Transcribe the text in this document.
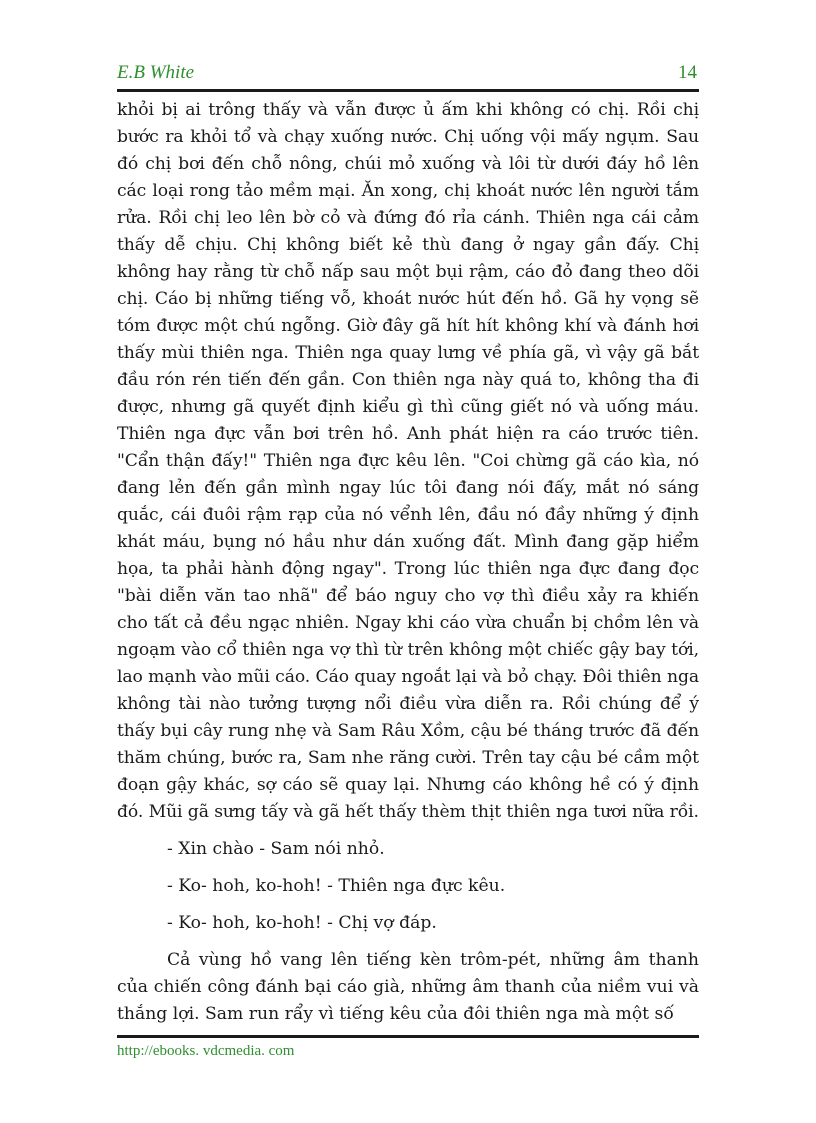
E.B White	14

khỏi bị ai trông thấy và vẫn được ủ ấm khi không có chị. Rồi chị bước ra khỏi tổ và chạy xuống nước. Chị uống vội mấy ngụm. Sau đó chị bơi đến chỗ nông, chúi mỏ xuống và lôi từ dưới đáy hồ lên các loại rong tảo mềm mại. Ăn xong, chị khoát nước lên người tắm rửa. Rồi chị leo lên bờ cỏ và đứng đó rỉa cánh. Thiên nga cái cảm thấy dễ chịu. Chị không biết kẻ thù đang ở ngay gần đấy. Chị không hay rằng từ chỗ nấp sau một bụi rậm, cáo đỏ đang theo dõi chị. Cáo bị những tiếng vỗ, khoát nước hút đến hồ. Gã hy vọng sẽ tóm được một chú ngỗng. Giờ đây gã hít hít không khí và đánh hơi thấy mùi thiên nga. Thiên nga quay lưng về phía gã, vì vậy gã bắt đầu rón rén tiến đến gần. Con thiên nga này quá to, không tha đi được, nhưng gã quyết định kiểu gì thì cũng giết nó và uống máu. Thiên nga đực vẫn bơi trên hồ. Anh phát hiện ra cáo trước tiên. "Cẩn thận đấy!" Thiên nga đực kêu lên. "Coi chừng gã cáo kìa, nó đang lẻn đến gần mình ngay lúc tôi đang nói đấy, mắt nó sáng quắc, cái đuôi rậm rạp của nó vểnh lên, đầu nó đầy những ý định khát máu, bụng nó hầu như dán xuống đất. Mình đang gặp hiểm họa, ta phải hành động ngay". Trong lúc thiên nga đực đang đọc "bài diễn văn tao nhã" để báo nguy cho vợ thì điều xảy ra khiến cho tất cả đều ngạc nhiên. Ngay khi cáo vừa chuẩn bị chồm lên và ngoạm vào cổ thiên nga vợ thì từ trên không một chiếc gậy bay tới, lao mạnh vào mũi cáo. Cáo quay ngoắt lại và bỏ chạy. Đôi thiên nga không tài nào tưởng tượng nổi điều vừa diễn ra. Rồi chúng để ý thấy bụi cây rung nhẹ và Sam Râu Xồm, cậu bé tháng trước đã đến thăm chúng, bước ra, Sam nhe răng cười. Trên tay cậu bé cầm một đoạn gậy khác, sợ cáo sẽ quay lại. Nhưng cáo không hề có ý định đó. Mũi gã sưng tấy và gã hết thấy thèm thịt thiên nga tươi nữa rồi.

- Xin chào - Sam nói nhỏ.

- Ko- hoh, ko-hoh! - Thiên nga đực kêu.

- Ko- hoh, ko-hoh! - Chị vợ đáp.

Cả vùng hồ vang lên tiếng kèn trôm-pét, những âm thanh của chiến công đánh bại cáo già, những âm thanh của niềm vui và thắng lợi. Sam run rẩy vì tiếng kêu của đôi thiên nga mà một số

http://ebooks. vdcmedia. com
